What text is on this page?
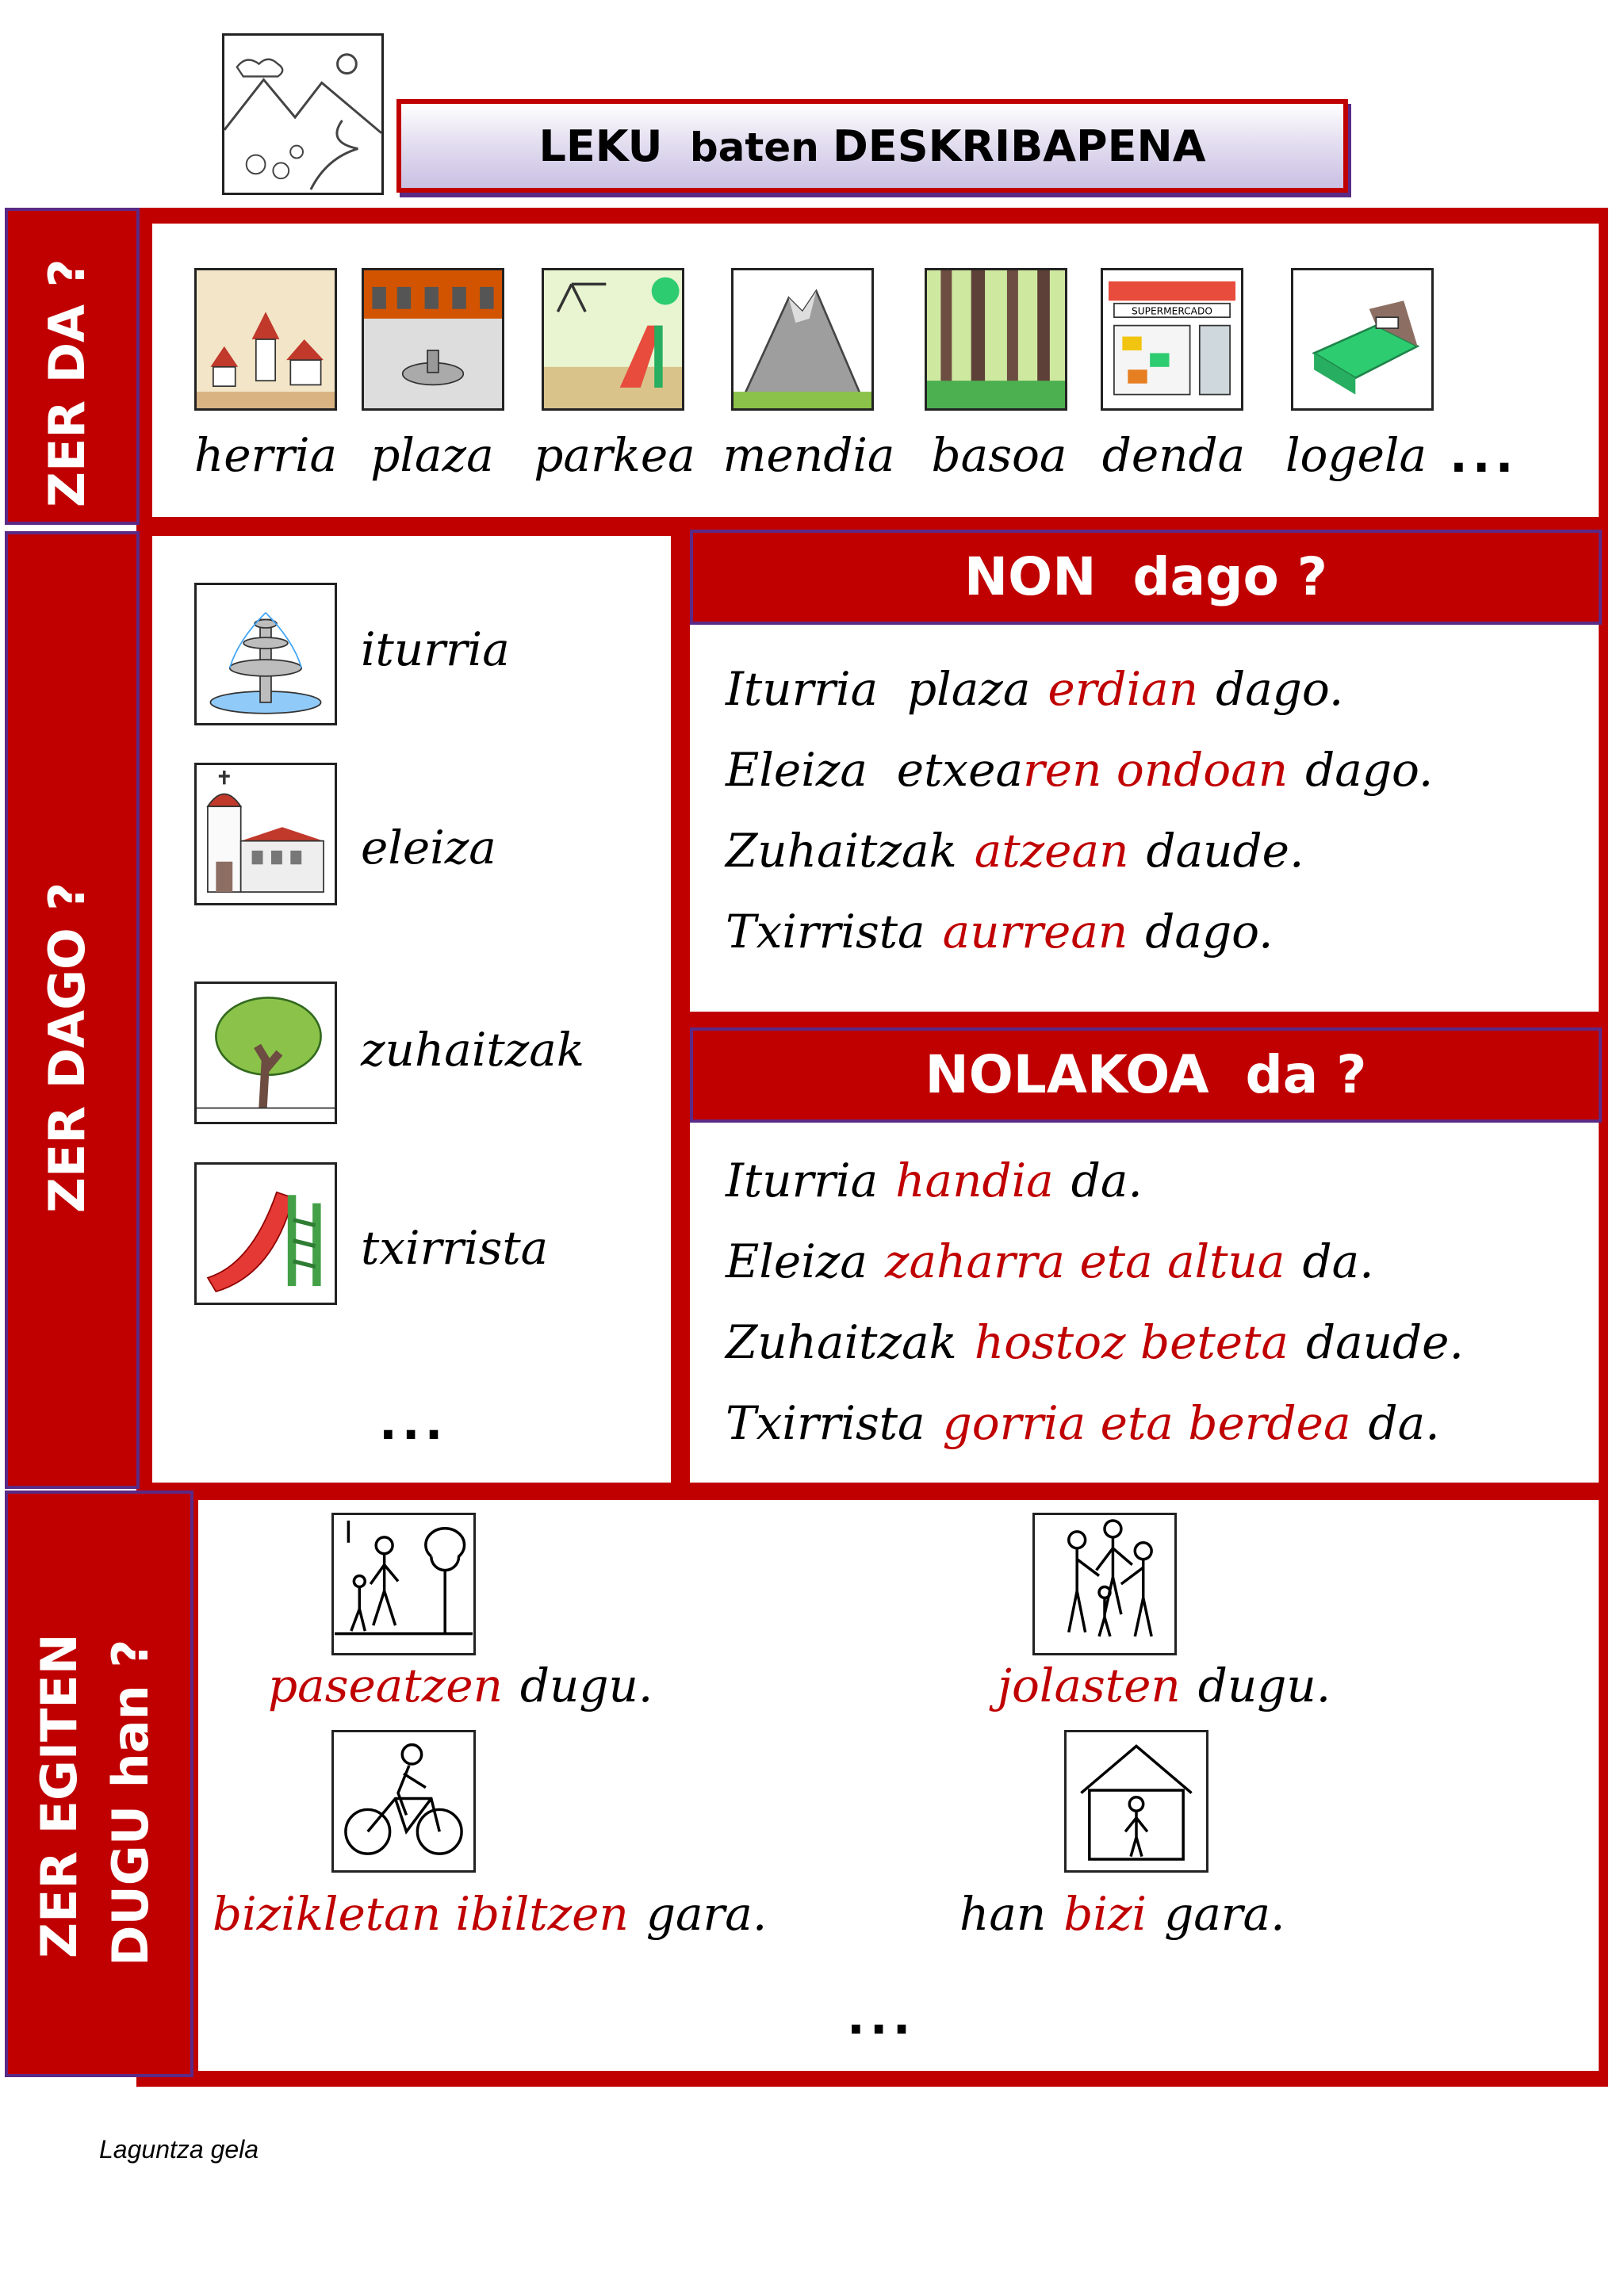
LEKU baten DESKRIBAPENA
ZER DA ?
ZER DAGO ?
ZER EGITEN DUGU han ?
NON  dago ?
NOLAKOA  da ?
SUPERMERCADO
herria plaza parkea mendia basoa denda logela ...
iturria
eleiza
zuhaitzak
txirrista
...
Iturria  plaza erdian dago.
Eleiza  etxearen ondoan dago.
Zuhaitzak atzean daude.
Txirrista aurrean dago.
Iturria handia da.
Eleiza zaharra eta altua da.
Zuhaitzak hostoz beteta daude.
Txirrista gorria eta berdea da.
paseatzen dugu.	jolasten dugu.
bizikletan ibiltzen gara.	han bizi gara.
...
Laguntza gela
